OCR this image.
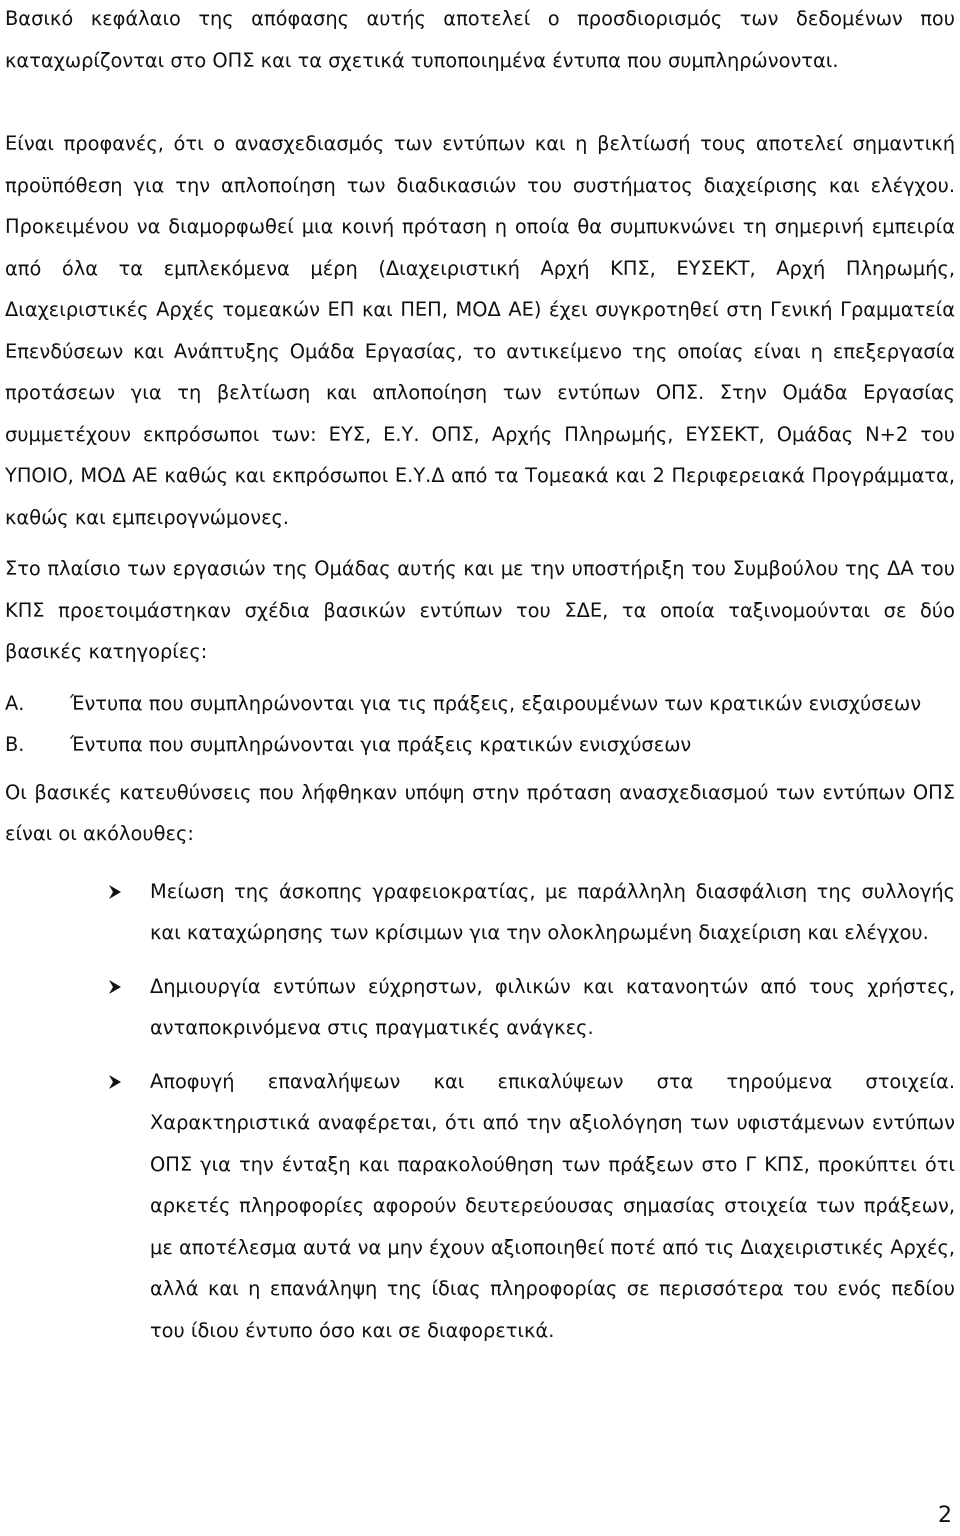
Βασικό κεφάλαιο της απόφασης αυτής αποτελεί ο προσδιορισμός των δεδομένων που καταχωρίζονται στο ΟΠΣ και τα σχετικά τυποποιημένα έντυπα που συμπληρώνονται.

Είναι προφανές, ότι ο ανασχεδιασμός των εντύπων και η βελτίωσή τους αποτελεί σημαντική προϋπόθεση για την απλοποίηση των διαδικασιών του συστήματος διαχείρισης και ελέγχου. Προκειμένου να διαμορφωθεί μια κοινή πρόταση η οποία θα συμπυκνώνει τη σημερινή εμπειρία από όλα τα εμπλεκόμενα μέρη (Διαχειριστική Αρχή ΚΠΣ, ΕΥΣΕΚΤ, Αρχή Πληρωμής, Διαχειριστικές Αρχές τομεακών ΕΠ και ΠΕΠ, ΜΟΔ ΑΕ) έχει συγκροτηθεί στη Γενική Γραμματεία Επενδύσεων και Ανάπτυξης Ομάδα Εργασίας, το αντικείμενο της οποίας είναι η επεξεργασία προτάσεων για τη βελτίωση και απλοποίηση των εντύπων ΟΠΣ. Στην Ομάδα Εργασίας συμμετέχουν εκπρόσωποι των: ΕΥΣ, Ε.Υ. ΟΠΣ, Αρχής Πληρωμής, ΕΥΣΕΚΤ, Ομάδας Ν+2 του ΥΠΟΙΟ, ΜΟΔ ΑΕ καθώς και εκπρόσωποι Ε.Υ.Δ από τα Τομεακά και 2 Περιφερειακά Προγράμματα, καθώς και εμπειρογνώμονες.

Στο πλαίσιο των εργασιών της Ομάδας αυτής και με την υποστήριξη του Συμβούλου της ΔΑ του ΚΠΣ προετοιμάστηκαν σχέδια βασικών εντύπων του ΣΔΕ, τα οποία ταξινομούνται σε δύο βασικές κατηγορίες:

Α.	Έντυπα που συμπληρώνονται για τις πράξεις, εξαιρουμένων των κρατικών ενισχύσεων
Β.	Έντυπα που συμπληρώνονται για πράξεις κρατικών ενισχύσεων

Οι βασικές κατευθύνσεις που λήφθηκαν υπόψη στην πρόταση ανασχεδιασμού των εντύπων ΟΠΣ είναι οι ακόλουθες:

Μείωση της άσκοπης γραφειοκρατίας, με παράλληλη διασφάλιση της συλλογής και καταχώρησης των κρίσιμων για την ολοκληρωμένη διαχείριση και ελέγχου.
Δημιουργία εντύπων εύχρηστων, φιλικών και κατανοητών από τους χρήστες, ανταποκρινόμενα στις πραγματικές ανάγκες.
Αποφυγή επαναλήψεων και επικαλύψεων στα τηρούμενα στοιχεία. Χαρακτηριστικά αναφέρεται, ότι από την αξιολόγηση των υφιστάμενων εντύπων ΟΠΣ για την ένταξη και παρακολούθηση των πράξεων στο Γ ΚΠΣ, προκύπτει ότι αρκετές πληροφορίες αφορούν δευτερεύουσας σημασίας στοιχεία των πράξεων, με αποτέλεσμα αυτά να μην έχουν αξιοποιηθεί ποτέ από τις Διαχειριστικές Αρχές, αλλά και η επανάληψη της ίδιας πληροφορίας σε περισσότερα του ενός πεδίου του ίδιου έντυπο όσο και σε διαφορετικά.
2
